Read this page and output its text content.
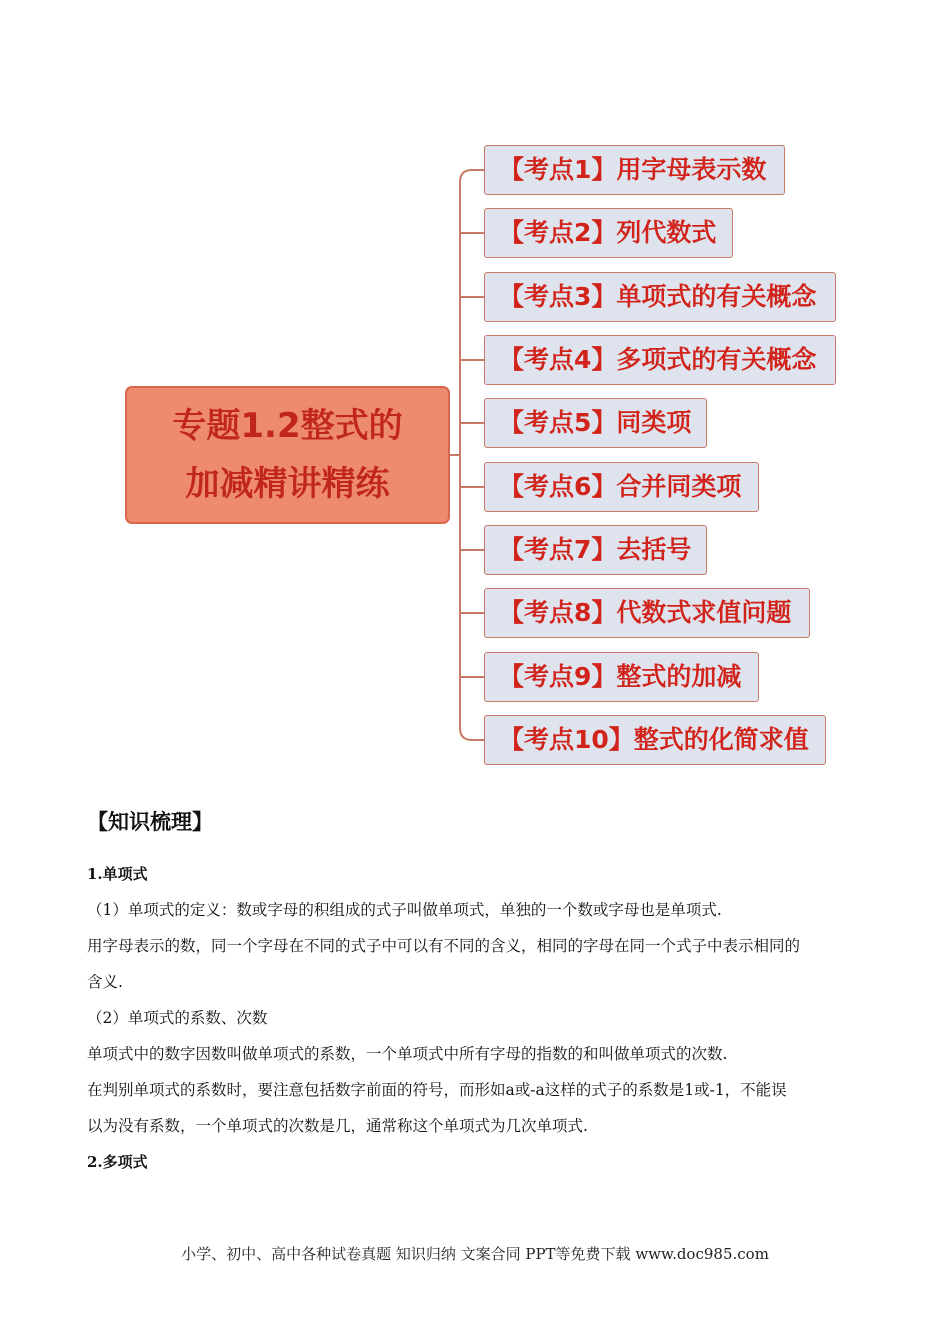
专题1.2整式的
加减精讲精练
【考点1】用字母表示数
【考点2】列代数式
【考点3】单项式的有关概念
【考点4】多项式的有关概念
【考点5】同类项
【考点6】合并同类项
【考点7】去括号
【考点8】代数式求值问题
【考点9】整式的加减
【考点10】整式的化简求值
【知识梳理】

1.单项式

（1）单项式的定义：数或字母的积组成的式子叫做单项式，单独的一个数或字母也是单项式.

用字母表示的数，同一个字母在不同的式子中可以有不同的含义，相同的字母在同一个式子中表示相同的

含义.

（2）单项式的系数、次数

单项式中的数字因数叫做单项式的系数，一个单项式中所有字母的指数的和叫做单项式的次数.

在判别单项式的系数时，要注意包括数字前面的符号，而形如a或-a这样的式子的系数是1或-1，不能误

以为没有系数，一个单项式的次数是几，通常称这个单项式为几次单项式.

2.多项式

小学、初中、高中各种试卷真题 知识归纳 文案合同 PPT等免费下载 www.doc985.com
